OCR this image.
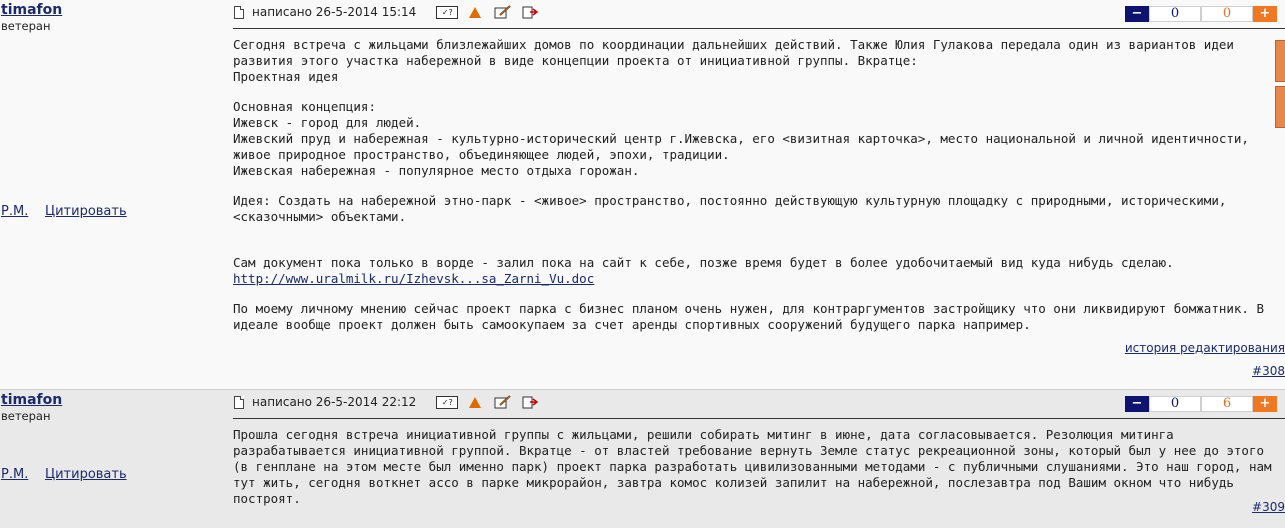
timafon
ветеран
Р.М. Цитировать
написано 26-5-2014 15:14	✓?	−	0	0	+

Сегодня встреча с жильцами близлежайших домов по координации дальнейших действий. Также Юлия Гулакова передала один из вариантов идеи развития этого участка набережной в виде концепции проекта от инициативной группы. Вкратце:
Проектная идея

Основная концепция:
Ижевск - город для людей.
Ижевский пруд и набережная - культурно-исторический центр г.Ижевска, его <визитная карточка>, место национальной и личной идентичности, живое природное пространство, объединяющее людей, эпохи, традиции.
Ижевская набережная - популярное место отдыха горожан.

Идея: Создать на набережной этно-парк - <живое> пространство, постоянно действующую культурную площадку с природными, историческими, <сказочными> объектами.

Сам документ пока только в ворде - залил пока на сайт к себе, позже время будет в более удобочитаемый вид куда нибудь сделаю. http://www.uralmilk.ru/Izhevsk...sa_Zarni_Vu.doc

По моему личному мнению сейчас проект парка с бизнес планом очень нужен, для контраргументов застройщику что они ликвидируют бомжатник. В идеале вообще проект должен быть самоокупаем за счет аренды спортивных сооружений будущего парка например.

история редактирования
#308
timafon
ветеран
Р.М. Цитировать
написано 26-5-2014 22:12	✓?	−	0	6	+

Прошла сегодня встреча инициативной группы с жильцами, решили собирать митинг в июне, дата согласовывается. Резолюция митинга разрабатывается инициативной группой. Вкратце - от властей требование вернуть Земле статус рекреационной зоны, который был у нее до этого (в генплане на этом месте был именно парк) проект парка разработать цивилизованными методами - с публичными слушаниями. Это наш город, нам тут жить, сегодня воткнет ассо в парке микрорайон, завтра комос колизей запилит на набережной, послезавтра под Вашим окном что нибудь построят.

#309
